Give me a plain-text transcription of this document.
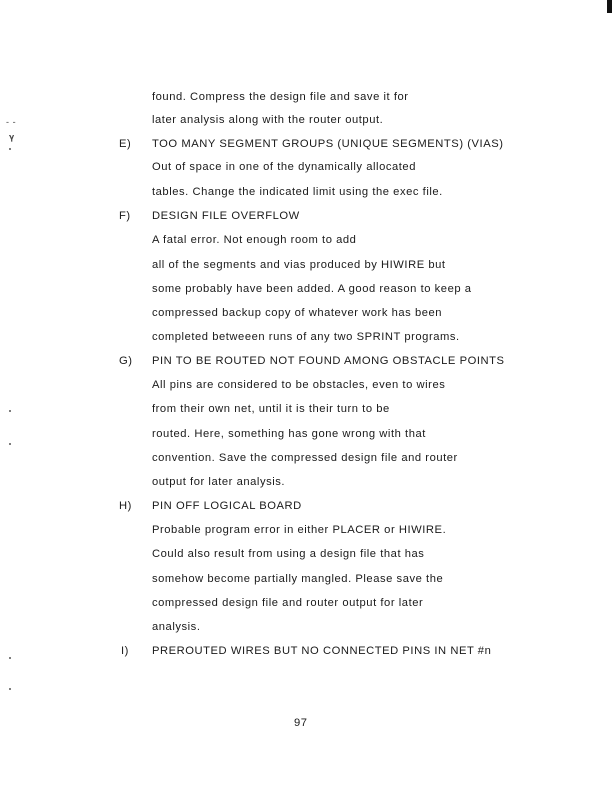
- -
𝛄
found. Compress the design file and save it for
later analysis along with the router output.
E) TOO MANY SEGMENT GROUPS (UNIQUE SEGMENTS) (VIAS)
Out of space in one of the dynamically allocated
tables. Change the indicated limit using the exec file.
F) DESIGN FILE OVERFLOW
A fatal error. Not enough room to add
all of the segments and vias produced by HIWIRE but
some probably have been added. A good reason to keep a
compressed backup copy of whatever work has been
completed betweeen runs of any two SPRINT programs.
G) PIN TO BE ROUTED NOT FOUND AMONG OBSTACLE POINTS
All pins are considered to be obstacles, even to wires
from their own net, until it is their turn to be
routed. Here, something has gone wrong with that
convention. Save the compressed design file and router
output for later analysis.
H) PIN OFF LOGICAL BOARD
Probable program error in either PLACER or HIWIRE.
Could also result from using a design file that has
somehow become partially mangled. Please save the
compressed design file and router output for later
analysis.
I) PREROUTED WIRES BUT NO CONNECTED PINS IN NET #n
97
